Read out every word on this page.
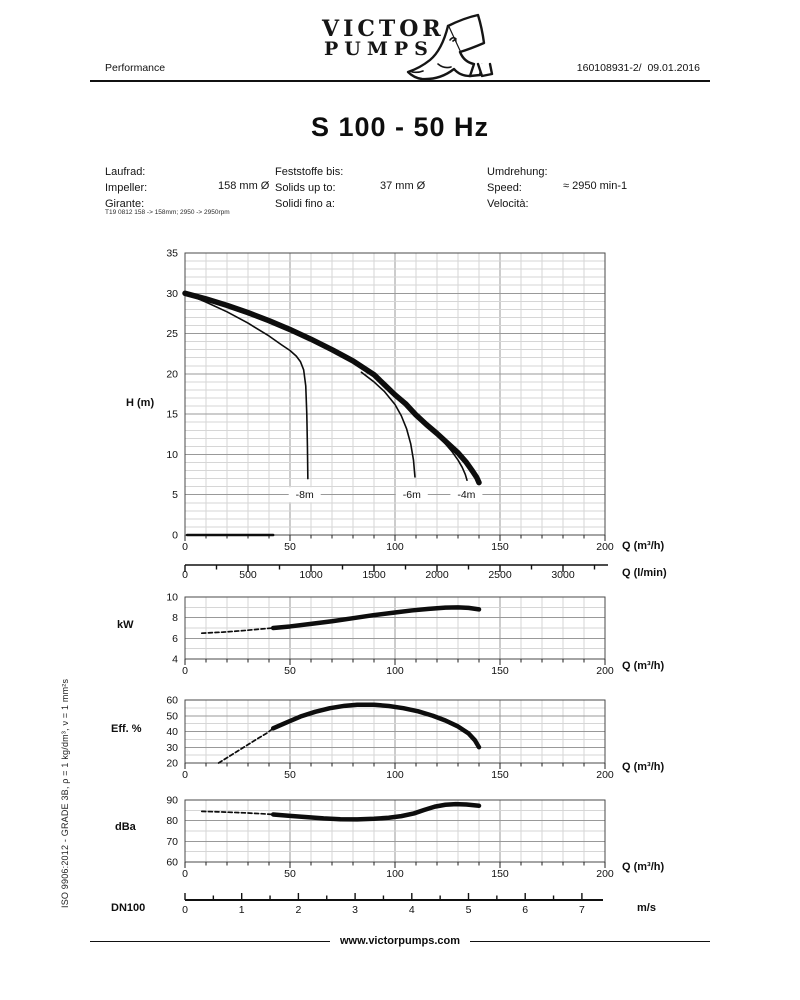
Performance	160108931-2/ 09.01.2016
VICTOR
PUMPS
S 100 - 50 Hz
Laufrad:
Impeller:	158 mm Ø
Girante:
T19 0812 158 -> 158mm; 2950 -> 2950rpm
Feststoffe bis:
Solids up to:	37 mm Ø
Solidi fino a:
Umdrehung:
Speed:	≈ 2950 min-1
Velocità:
0	50	100	150	200
0
5
10
15
20
25
30
35
-8m	-6m	-4m
0	500	1000	1500	2000	2500	3000
0	50	100	150	200
4
6
8
10
0	50	100	150	200
20
30
40
50
60
0	50	100	150	200
60
70
80
90
0	1	2	3	4	5	6	7
H (m)
Q (m³/h)
Q (l/min)
kW
Q (m³/h)
Eff. %
Q (m³/h)
dBa
Q (m³/h)
DN100	m/s
ISO 9906:2012 - GRADE 3B, ρ = 1 kg/dm³, ν = 1 mm²s
www.victorpumps.com
